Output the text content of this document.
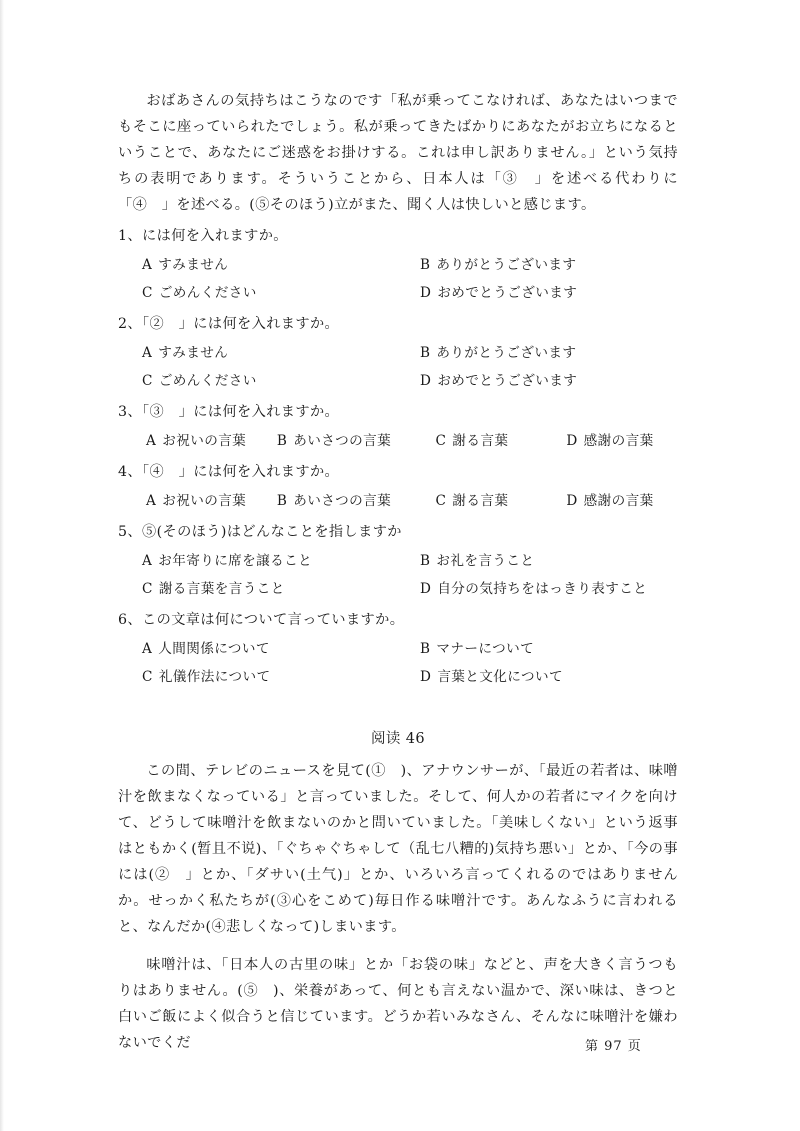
おばあさんの気持ちはこうなのです「私が乗ってこなければ、あなたはいつまでもそこに座っていられたでしょう。私が乗ってきたばかりにあなたがお立ちになるということで、あなたにご迷惑をお掛けする。これは申し訳ありません。」という気持ちの表明であります。そういうことから、日本人は「③　」を述べる代わりに「④　」を述べる。(⑤そのほう)立がまた、聞く人は快しいと感じます。

1、には何を入れますか。

A すみません	B ありがとうございます
C ごめんください	D おめでとうございます

2、「②　」には何を入れますか。

A すみません	B ありがとうございます
C ごめんください	D おめでとうございます

3、「③　」には何を入れますか。

A お祝いの言葉	B あいさつの言葉	C 謝る言葉	D 感謝の言葉

4、「④　」には何を入れますか。

A お祝いの言葉	B あいさつの言葉	C 謝る言葉	D 感謝の言葉

5、⑤(そのほう)はどんなことを指しますか

A お年寄りに席を譲ること	B お礼を言うこと
C 謝る言葉を言うこと	D 自分の気持ちをはっきり表すこと

6、この文章は何について言っていますか。

A 人間関係について	B マナーについて
C 礼儀作法について	D 言葉と文化について

阅读 46

この間、テレビのニュースを見て(①　)、アナウンサーが、「最近の若者は、味噌汁を飲まなくなっている」と言っていました。そして、何人かの若者にマイクを向けて、どうして味噌汁を飲まないのかと問いていました。「美味しくない」という返事はともかく(暂且不说)、「ぐちゃぐちゃして（乱七八糟的)気持ち悪い」とか、「今の事には(②　」とか、「ダサい(土气)」とか、いろいろ言ってくれるのではありませんか。せっかく私たちが(③心をこめて)毎日作る味噌汁です。あんなふうに言われると、なんだか(④悲しくなって)しまいます。

味噌汁は、「日本人の古里の味」とか「お袋の味」などと、声を大きく言うつもりはありません。(⑤　)、栄養があって、何とも言えない温かで、深い味は、きつと白いご飯によく似合うと信じています。どうか若いみなさん、そんなに味噌汁を嫌わないでくだ	第 97 页
